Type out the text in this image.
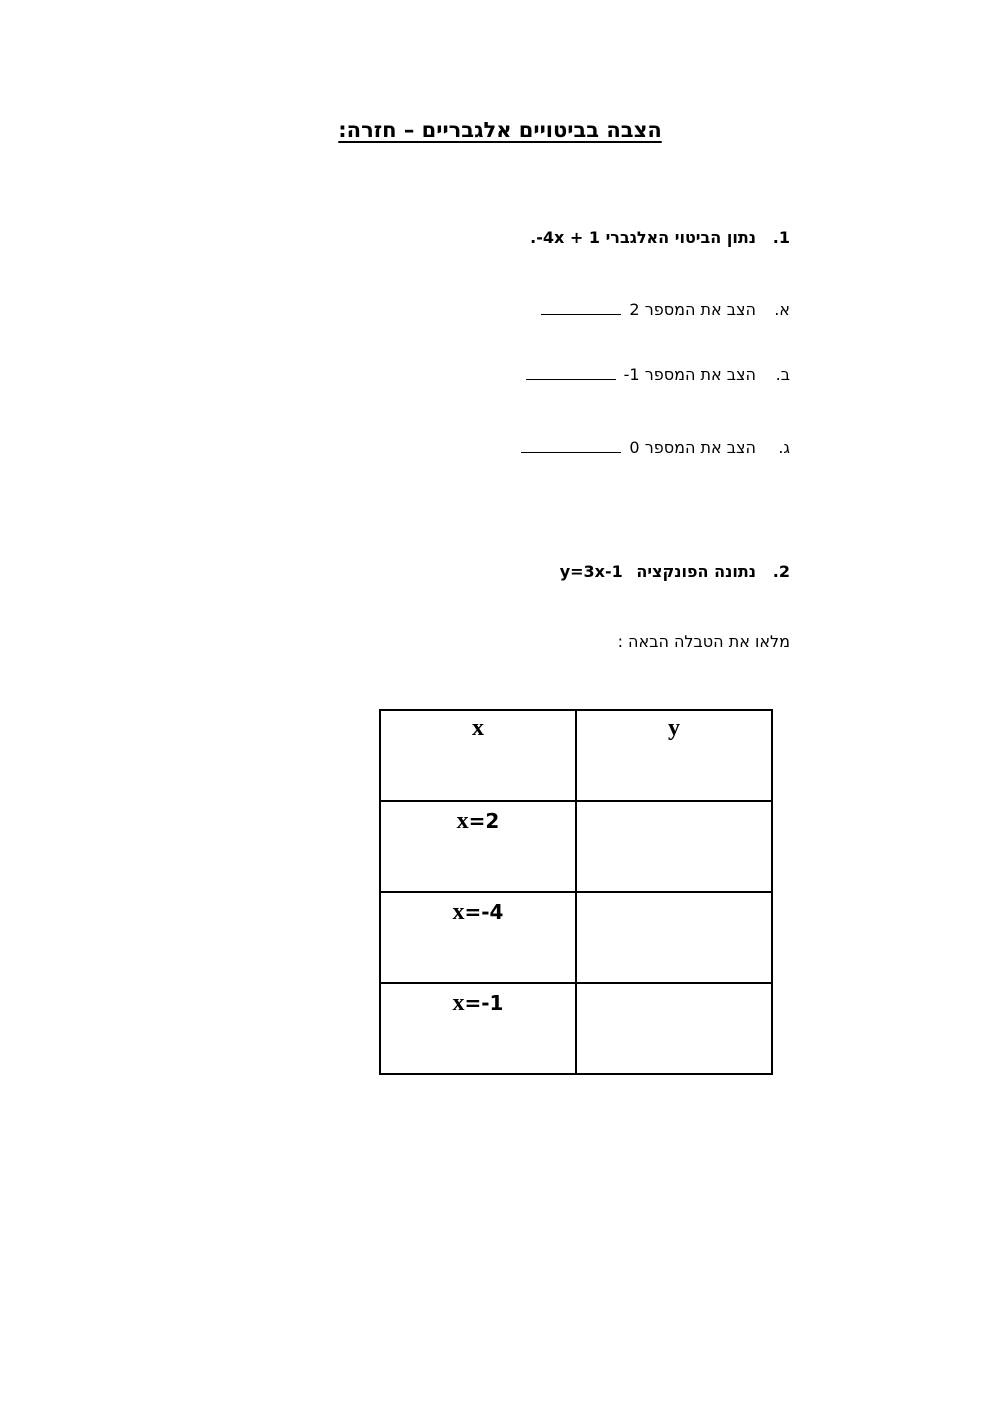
הצבה בביטויים אלגבריים – חזרה:
1.נתון הביטוי האלגברי -4x + 1.
א.הצב את המספר 2
ב.הצב את המספר 1-
ג.הצב את המספר 0
2.נתונה הפונקציה y=3x-1
מלאו את הטבלה הבאה :
x	y
x=2	
x=-4	
x=-1	
